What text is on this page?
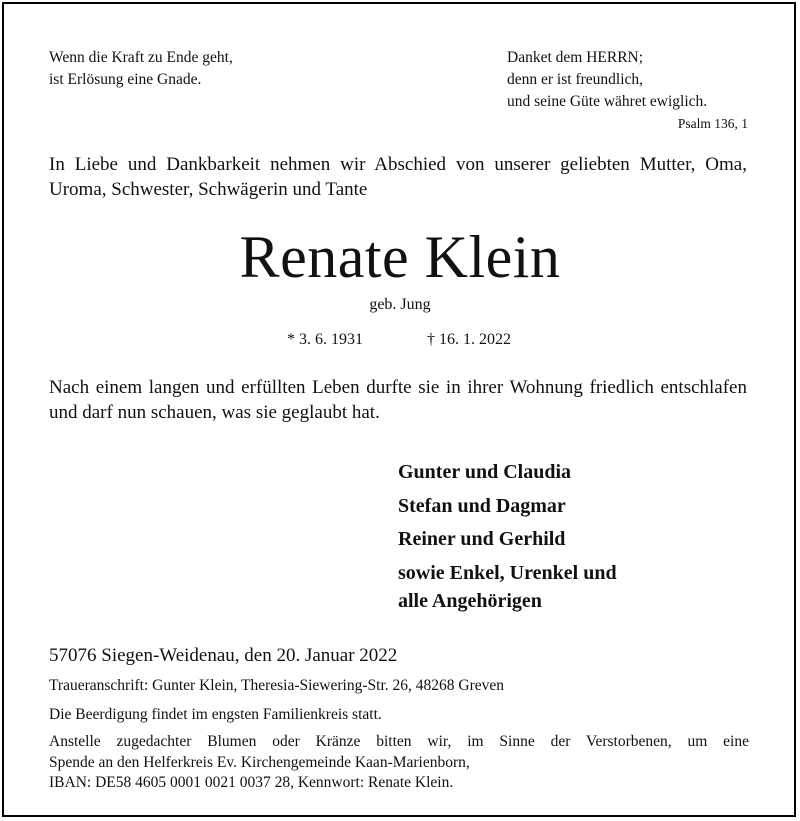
Wenn die Kraft zu Ende geht,
ist Erlösung eine Gnade.
Danket dem HERRN;
denn er ist freundlich,
und seine Güte währet ewiglich.
Psalm 136, 1
In Liebe und Dankbarkeit nehmen wir Abschied von unserer geliebten Mutter, Oma, Uroma, Schwester, Schwägerin und Tante
Renate Klein
geb. Jung
* 3. 6. 1931	† 16. 1. 2022
Nach einem langen und erfüllten Leben durfte sie in ihrer Wohnung friedlich entschlafen und darf nun schauen, was sie geglaubt hat.
Gunter und Claudia
Stefan und Dagmar
Reiner und Gerhild
sowie Enkel, Urenkel und
alle Angehörigen
57076 Siegen-Weidenau, den 20. Januar 2022
Traueranschrift: Gunter Klein, Theresia-Siewering-Str. 26, 48268 Greven
Die Beerdigung findet im engsten Familienkreis statt.
Anstelle zugedachter Blumen oder Kränze bitten wir, im Sinne der Verstorbenen, um eine
Spende an den Helferkreis Ev. Kirchengemeinde Kaan-Marienborn,
IBAN: DE58 4605 0001 0021 0037 28, Kennwort: Renate Klein.
